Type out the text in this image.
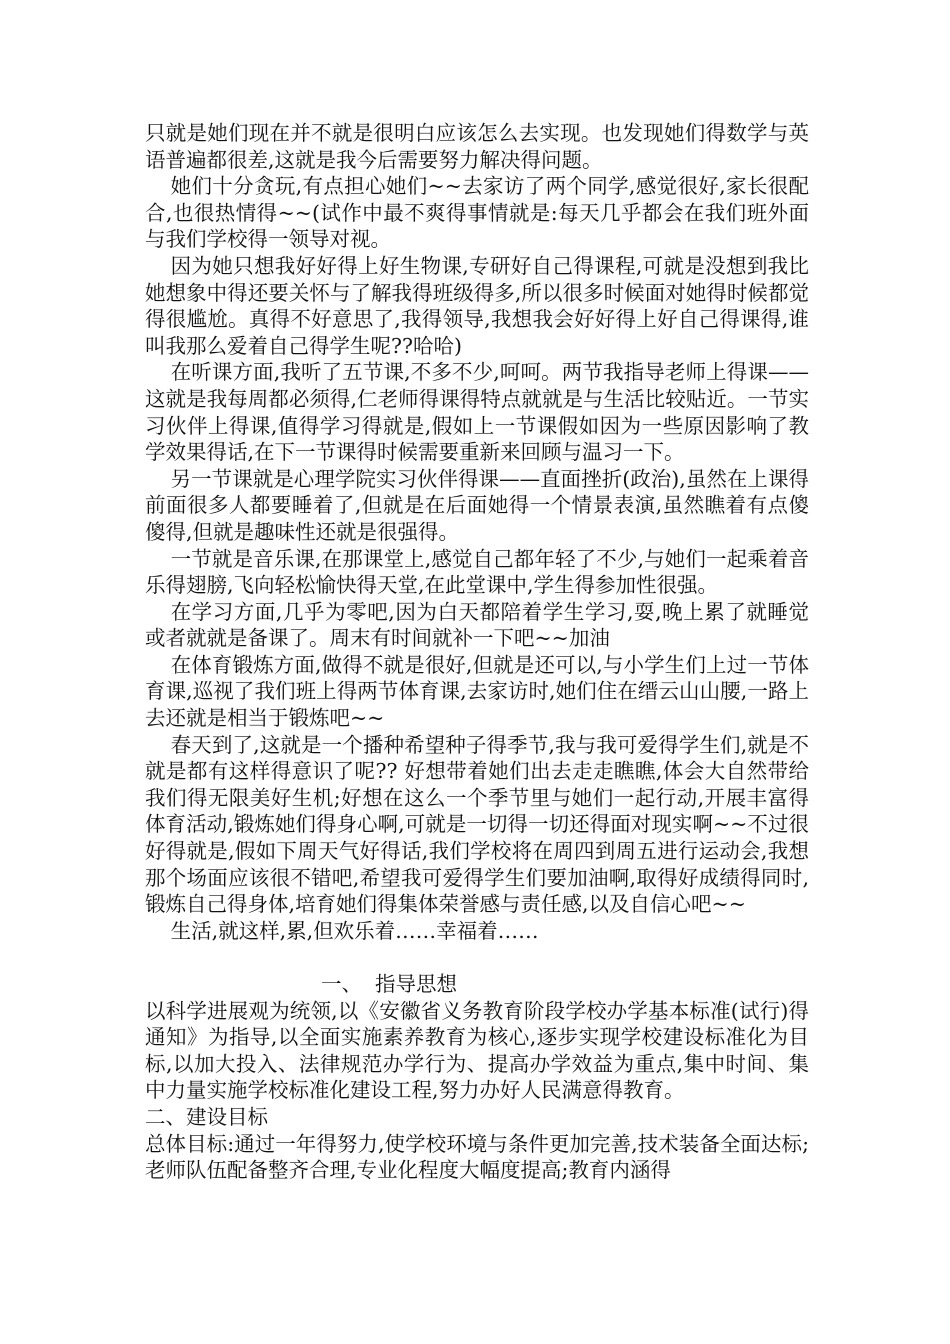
只就是她们现在并不就是很明白应该怎么去实现。也发现她们得数学与英语普遍都很差,这就是我今后需要努力解决得问题。

她们十分贪玩,有点担心她们~~去家访了两个同学,感觉很好,家长很配合,也很热情得~~(试作中最不爽得事情就是:每天几乎都会在我们班外面与我们学校得一领导对视。

因为她只想我好好得上好生物课,专研好自己得课程,可就是没想到我比她想象中得还要关怀与了解我得班级得多,所以很多时候面对她得时候都觉得很尴尬。真得不好意思了,我得领导,我想我会好好得上好自己得课得,谁叫我那么爱着自己得学生呢??哈哈)

在听课方面,我听了五节课,不多不少,呵呵。两节我指导老师上得课——这就是我每周都必须得,仁老师得课得特点就就是与生活比较贴近。一节实习伙伴上得课,值得学习得就是,假如上一节课假如因为一些原因影响了教学效果得话,在下一节课得时候需要重新来回顾与温习一下。

另一节课就是心理学院实习伙伴得课——直面挫折(政治),虽然在上课得前面很多人都要睡着了,但就是在后面她得一个情景表演,虽然瞧着有点傻傻得,但就是趣味性还就是很强得。

一节就是音乐课,在那课堂上,感觉自己都年轻了不少,与她们一起乘着音乐得翅膀,飞向轻松愉快得天堂,在此堂课中,学生得参加性很强。

在学习方面,几乎为零吧,因为白天都陪着学生学习,耍,晚上累了就睡觉或者就就是备课了。周末有时间就补一下吧~~加油

在体育锻炼方面,做得不就是很好,但就是还可以,与小学生们上过一节体育课,巡视了我们班上得两节体育课,去家访时,她们住在缙云山山腰,一路上去还就是相当于锻炼吧~~

春天到了,这就是一个播种希望种子得季节,我与我可爱得学生们,就是不就是都有这样得意识了呢?? 好想带着她们出去走走瞧瞧,体会大自然带给我们得无限美好生机;好想在这么一个季节里与她们一起行动,开展丰富得体育活动,锻炼她们得身心啊,可就是一切得一切还得面对现实啊~~不过很好得就是,假如下周天气好得话,我们学校将在周四到周五进行运动会,我想那个场面应该很不错吧,希望我可爱得学生们要加油啊,取得好成绩得同时,锻炼自己得身体,培育她们得集体荣誉感与责任感,以及自信心吧~~

生活,就这样,累,但欢乐着……幸福着……

一、  指导思想

以科学进展观为统领,以《安徽省义务教育阶段学校办学基本标准(试行)得通知》为指导,以全面实施素养教育为核心,逐步实现学校建设标准化为目标,以加大投入、法律规范办学行为、提高办学效益为重点,集中时间、集中力量实施学校标准化建设工程,努力办好人民满意得教育。

二、建设目标

总体目标:通过一年得努力,使学校环境与条件更加完善,技术装备全面达标;老师队伍配备整齐合理,专业化程度大幅度提高;教育内涵得
